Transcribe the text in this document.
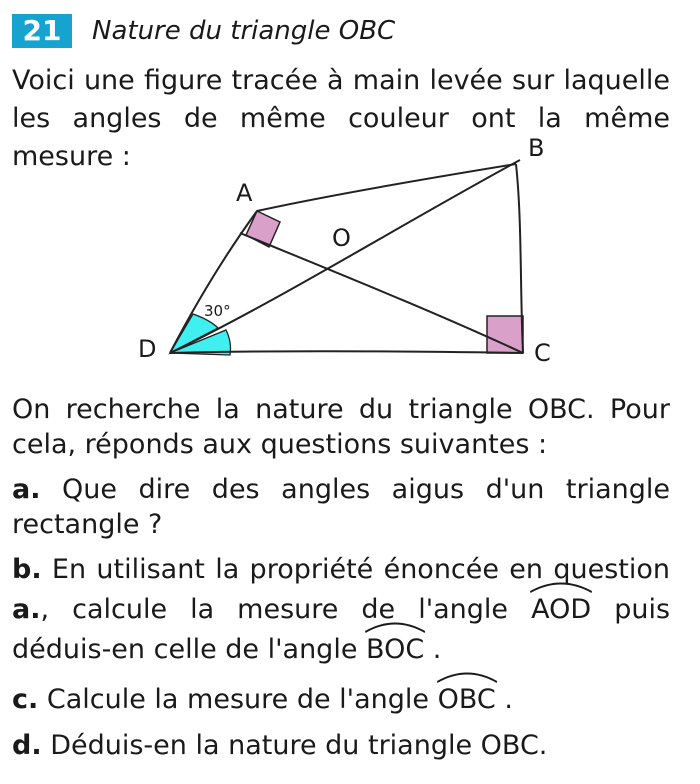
21	Nature du triangle OBC
Voici une figure tracée à main levée sur laquelle les angles de même couleur ont la même mesure :
A
B
C
D
O
30°
On recherche la nature du triangle OBC. Pour cela, réponds aux questions suivantes :
a. Que dire des angles aigus d'un triangle rectangle ?
b. En utilisant la propriété énoncée en question a., calcule la mesure de l'angle AOD puis déduis-en celle de l'angle BOC .
c. Calcule la mesure de l'angle OBC .
d. Déduis-en la nature du triangle OBC.
